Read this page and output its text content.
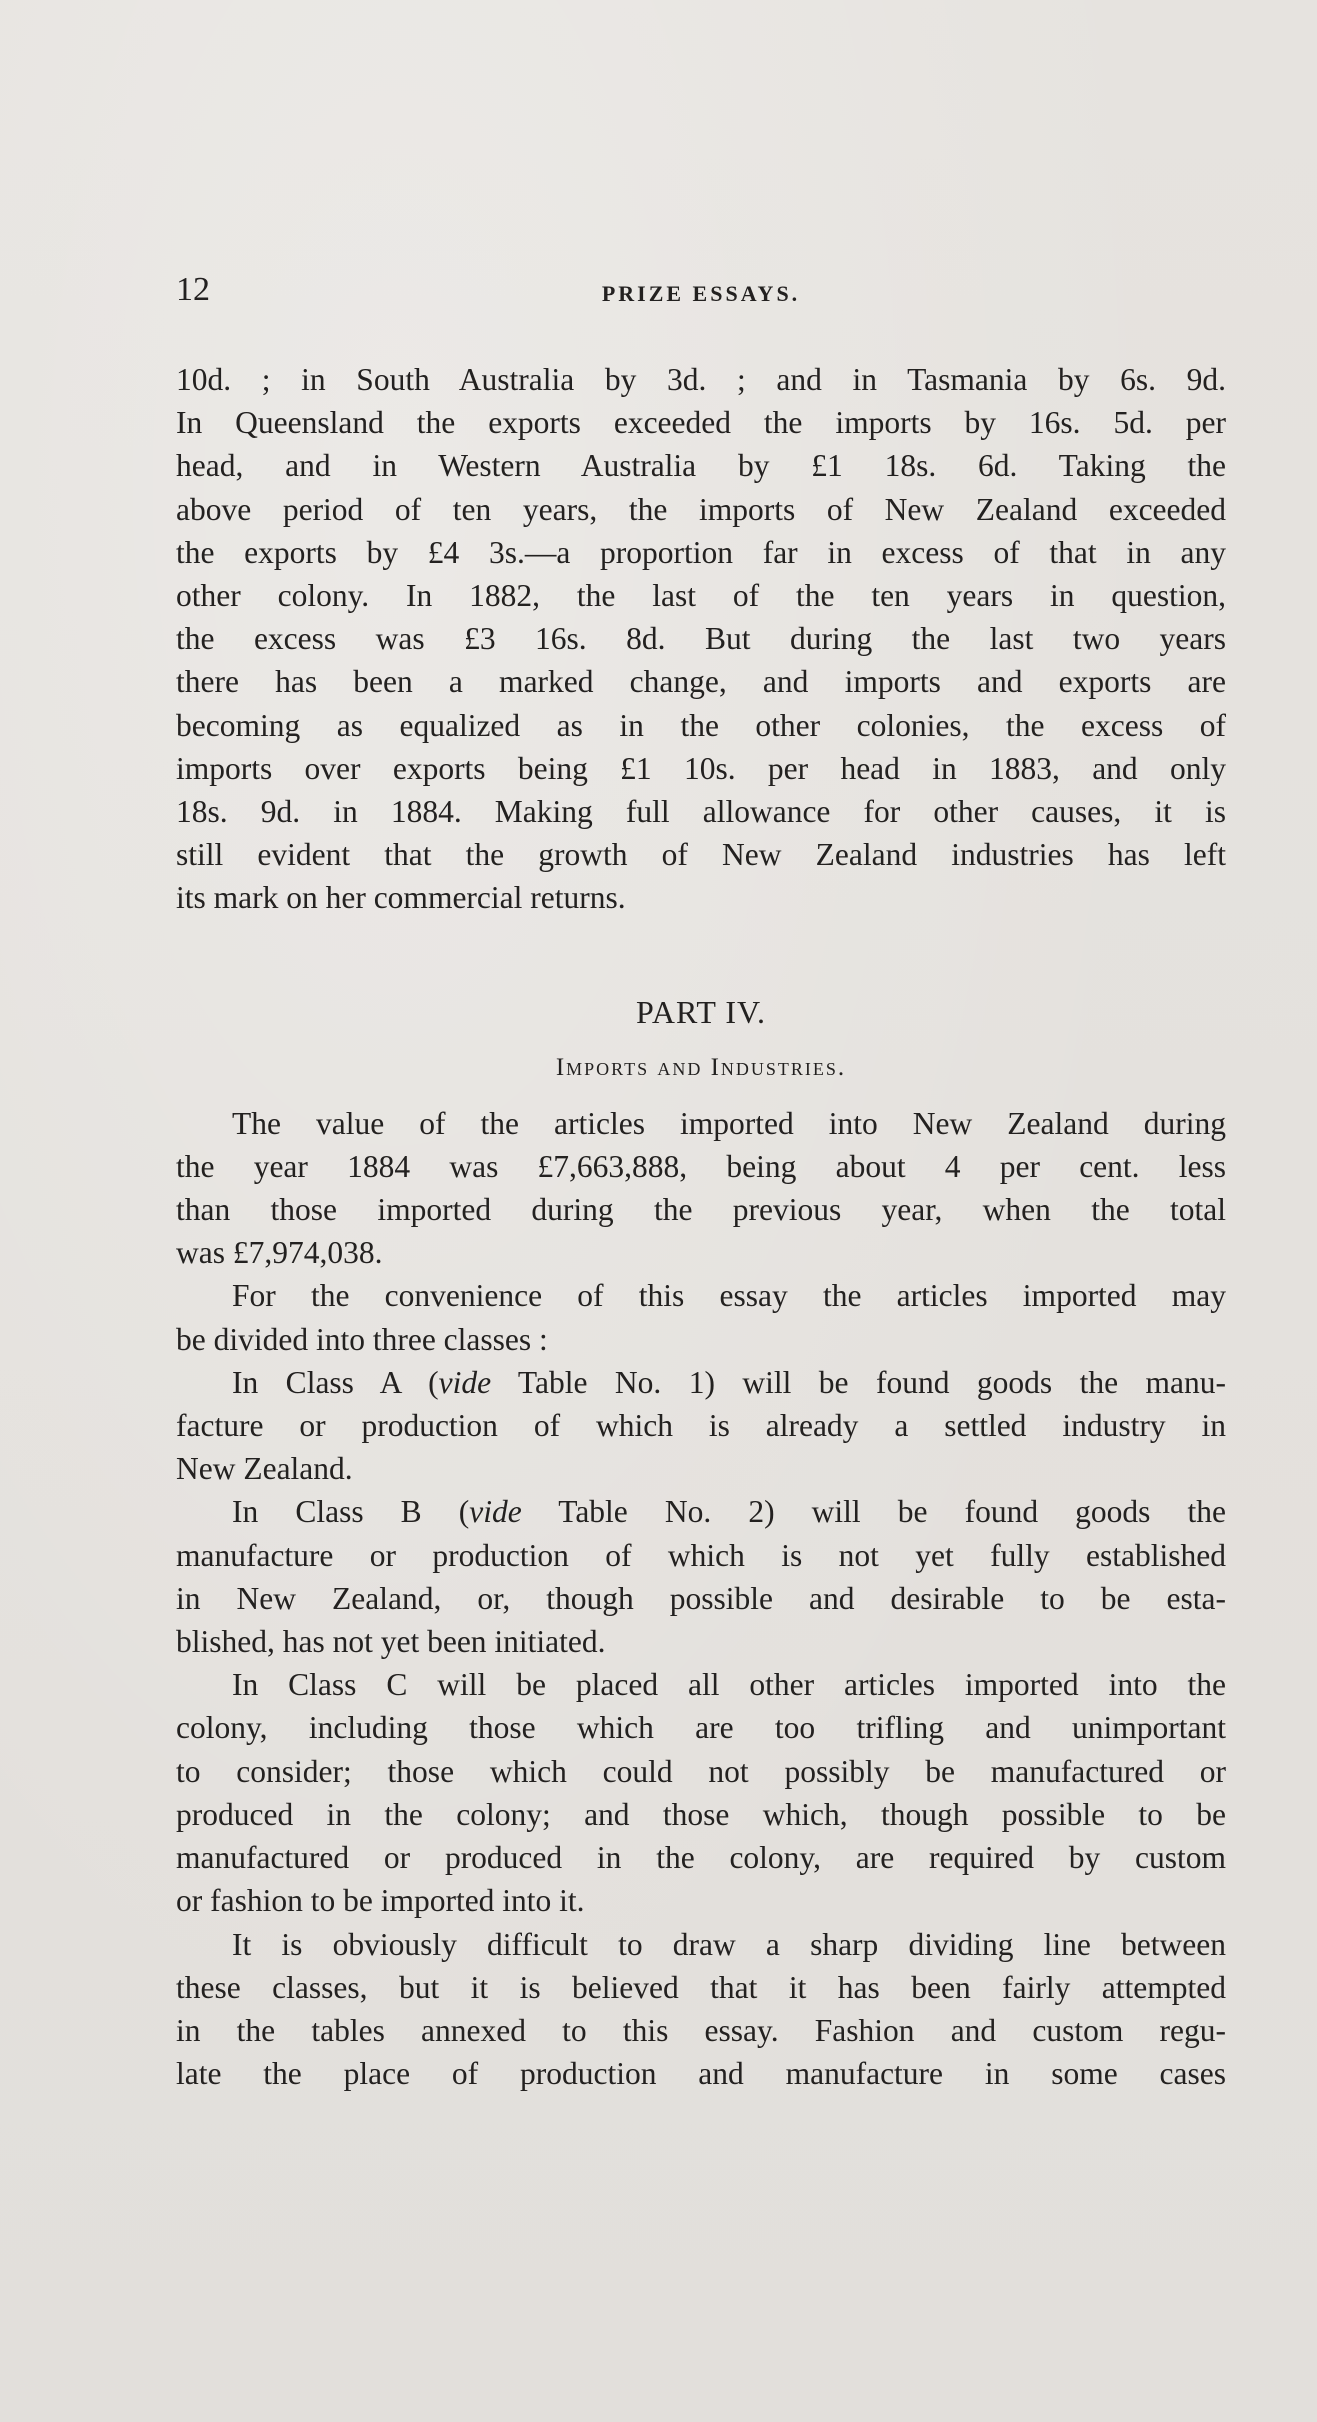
12	PRIZE ESSAYS.

10d. ; in South Australia by 3d. ; and in Tasmania by 6s. 9d.

In Queensland the exports exceeded the imports by 16s. 5d. per

head, and in Western Australia by £1 18s. 6d. Taking the

above period of ten years, the imports of New Zealand exceeded

the exports by £4 3s.—a proportion far in excess of that in any

other colony. In 1882, the last of the ten years in question,

the excess was £3 16s. 8d. But during the last two years

there has been a marked change, and imports and exports are

becoming as equalized as in the other colonies, the excess of

imports over exports being £1 10s. per head in 1883, and only

18s. 9d. in 1884. Making full allowance for other causes, it is

still evident that the growth of New Zealand industries has left

its mark on her commercial returns.

PART IV.
Imports and Industries.

The value of the articles imported into New Zealand during

the year 1884 was £7,663,888, being about 4 per cent. less

than those imported during the previous year, when the total

was £7,974,038.

For the convenience of this essay the articles imported may

be divided into three classes :

In Class A (vide Table No. 1) will be found goods the manu-

facture or production of which is already a settled industry in

New Zealand.

In Class B (vide Table No. 2) will be found goods the

manufacture or production of which is not yet fully established

in New Zealand, or, though possible and desirable to be esta-

blished, has not yet been initiated.

In Class C will be placed all other articles imported into the

colony, including those which are too trifling and unimportant

to consider; those which could not possibly be manufactured or

produced in the colony; and those which, though possible to be

manufactured or produced in the colony, are required by custom

or fashion to be imported into it.

It is obviously difficult to draw a sharp dividing line between

these classes, but it is believed that it has been fairly attempted

in the tables annexed to this essay. Fashion and custom regu-

late the place of production and manufacture in some cases
